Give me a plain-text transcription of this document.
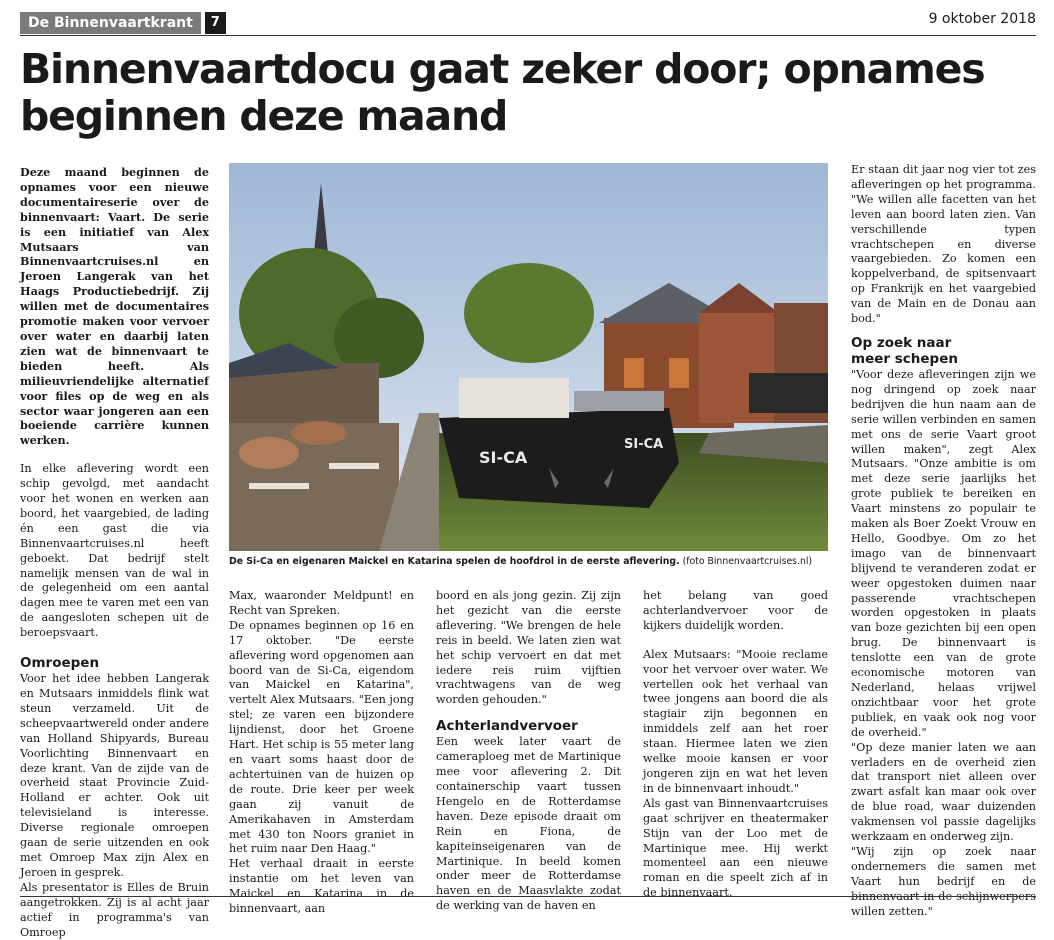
De Binnenvaartkrant	7	9 oktober 2018
Binnenvaartdocu gaat zeker door; opnames beginnen deze maand

Deze maand beginnen de opnames voor een nieuwe documentaireserie over de binnenvaart: Vaart. De serie is een initiatief van Alex Mutsaars van Binnenvaartcruises.nl en Jeroen Langerak van het Haags Productiebedrijf. Zij willen met de documentaires promotie maken voor vervoer over water en daarbij laten zien wat de binnenvaart te bieden heeft. Als milieuvriendelijke alternatief voor files op de weg en als sector waar jongeren aan een boeiende carrière kunnen werken.

In elke aflevering wordt een schip gevolgd, met aandacht voor het wonen en werken aan boord, het vaargebied, de lading én een gast die via Binnenvaartcruises.nl heeft geboekt. Dat bedrijf stelt namelijk mensen van de wal in de gelegenheid om een aantal dagen mee te varen met een van de aangesloten schepen uit de beroepsvaart.

Omroepen

Voor het idee hebben Langerak en Mutsaars inmiddels flink wat steun verzameld. Uit de scheepvaartwereld onder andere van Holland Shipyards, Bureau Voorlichting Binnenvaart en deze krant. Van de zijde van de overheid staat Provincie Zuid-Holland er achter. Ook uit televisieland is interesse. Diverse regionale omroepen gaan de serie uitzenden en ook met Omroep Max zijn Alex en Jeroen in gesprek.

Als presentator is Elles de Bruin aangetrokken. Zij is al acht jaar actief in programma's van Omroep

SI-CA
SI-CA
De Si-Ca en eigenaren Maickel en Katarina spelen de hoofdrol in de eerste aflevering. (foto Binnenvaartcruises.nl)

Max, waaronder Meldpunt! en Recht van Spreken.

De opnames beginnen op 16 en 17 oktober. "De eerste aflevering word opgenomen aan boord van de Si-Ca, eigendom van Maickel en Katarina", vertelt Alex Mutsaars. "Een jong stel; ze varen een bijzondere lijndienst, door het Groene Hart. Het schip is 55 meter lang en vaart soms haast door de achtertuinen van de huizen op de route. Drie keer per week gaan zij vanuit de Amerikahaven in Amsterdam met 430 ton Noors graniet in het ruim naar Den Haag."

Het verhaal draait in eerste instantie om het leven van Maickel en Katarina in de binnenvaart, aan

boord en als jong gezin. Zij zijn het gezicht van die eerste aflevering. "We brengen de hele reis in beeld. We laten zien wat het schip vervoert en dat met iedere reis ruim vijftien vrachtwagens van de weg worden gehouden."

Achterlandvervoer

Een week later vaart de cameraploeg met de Martinique mee voor aflevering 2. Dit containerschip vaart tussen Hengelo en de Rotterdamse haven. Deze episode draait om Rein en Fiona, de kapiteinseigenaren van de Martinique. In beeld komen onder meer de Rotterdamse haven en de Maasvlakte zodat de werking van de haven en

het belang van goed achterlandvervoer voor de kijkers duidelijk worden.

Alex Mutsaars: "Mooie reclame voor het vervoer over water. We vertellen ook het verhaal van twee jongens aan boord die als stagiair zijn begonnen en inmiddels zelf aan het roer staan. Hiermee laten we zien welke mooie kansen er voor jongeren zijn en wat het leven in de binnenvaart inhoudt."

Als gast van Binnenvaartcruises gaat schrijver en theatermaker Stijn van der Loo met de Martinique mee. Hij werkt momenteel aan een nieuwe roman en die speelt zich af in de binnenvaart.

Er staan dit jaar nog vier tot zes afleveringen op het programma. "We willen alle facetten van het leven aan boord laten zien. Van verschillende typen vrachtschepen en diverse vaargebieden. Zo komen een koppelverband, de spitsenvaart op Frankrijk en het vaargebied van de Main en de Donau aan bod."

Op zoek naar meer schepen

"Voor deze afleveringen zijn we nog dringend op zoek naar bedrijven die hun naam aan de serie willen verbinden en samen met ons de serie Vaart groot willen maken", zegt Alex Mutsaars. "Onze ambitie is om met deze serie jaarlijks het grote publiek te bereiken en Vaart minstens zo populair te maken als Boer Zoekt Vrouw en Hello, Goodbye. Om zo het imago van de binnenvaart blijvend te veranderen zodat er weer opgestoken duimen naar passerende vrachtschepen worden opgestoken in plaats van boze gezichten bij een open brug. De binnenvaart is tenslotte een van de grote economische motoren van Nederland, helaas vrijwel onzichtbaar voor het grote publiek, en vaak ook nog voor de overheid."

"Op deze manier laten we aan verladers en de overheid zien dat transport niet alleen over zwart asfalt kan maar ook over de blue road, waar duizenden vakmensen vol passie dagelijks werkzaam en onderweg zijn.

"Wij zijn op zoek naar ondernemers die samen met Vaart hun bedrijf en de binnenvaart in de schijnwerpers willen zetten."
